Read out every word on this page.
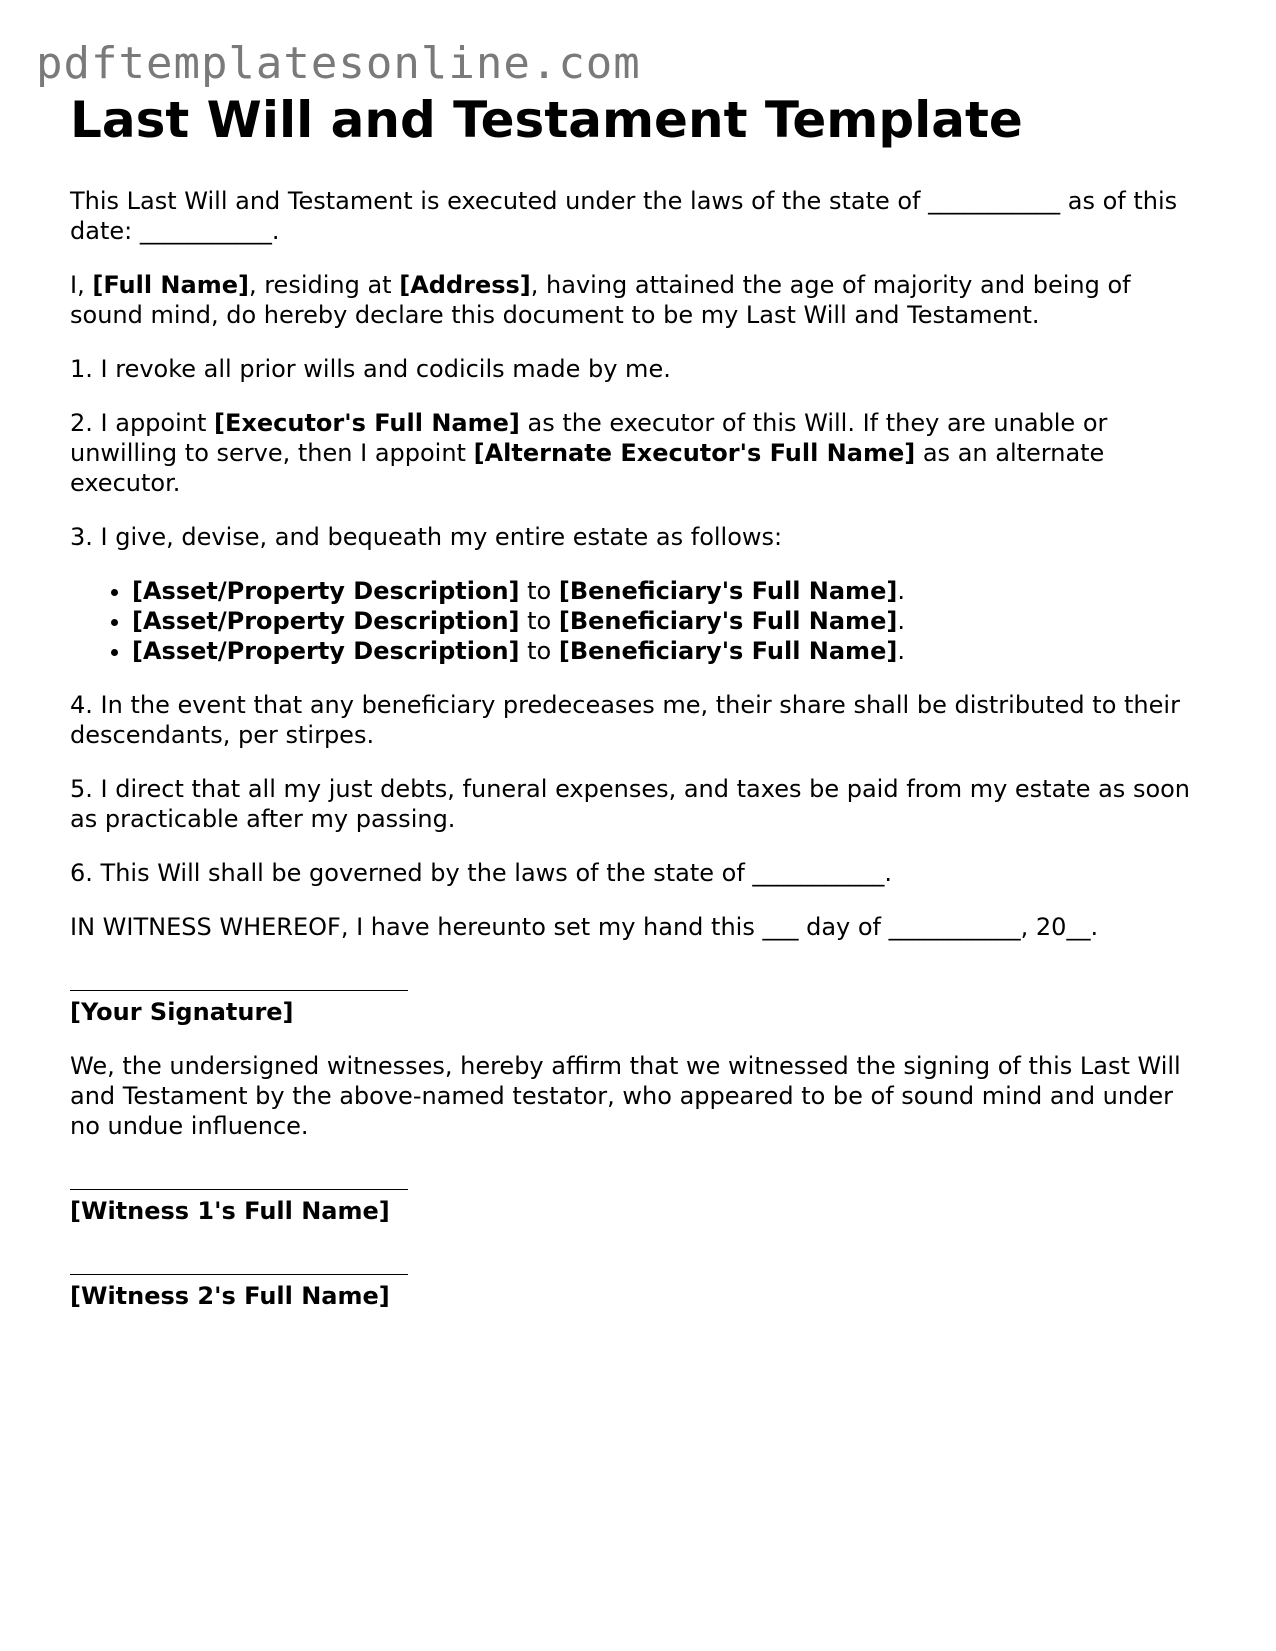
pdftemplatesonline.com
Last Will and Testament Template

This Last Will and Testament is executed under the laws of the state of ___________ as of this date: ___________.

I, [Full Name], residing at [Address], having attained the age of majority and being of sound mind, do hereby declare this document to be my Last Will and Testament.

1. I revoke all prior wills and codicils made by me.

2. I appoint [Executor's Full Name] as the executor of this Will. If they are unable or unwilling to serve, then I appoint [Alternate Executor's Full Name] as an alternate executor.

3. I give, devise, and bequeath my entire estate as follows:

• [Asset/Property Description] to [Beneficiary's Full Name].
• [Asset/Property Description] to [Beneficiary's Full Name].
• [Asset/Property Description] to [Beneficiary's Full Name].

4. In the event that any beneficiary predeceases me, their share shall be distributed to their descendants, per stirpes.

5. I direct that all my just debts, funeral expenses, and taxes be paid from my estate as soon as practicable after my passing.

6. This Will shall be governed by the laws of the state of ___________.

IN WITNESS WHEREOF, I have hereunto set my hand this ___ day of ___________, 20__.

[Your Signature]

We, the undersigned witnesses, hereby affirm that we witnessed the signing of this Last Will and Testament by the above-named testator, who appeared to be of sound mind and under no undue influence.

[Witness 1's Full Name]
[Witness 2's Full Name]
